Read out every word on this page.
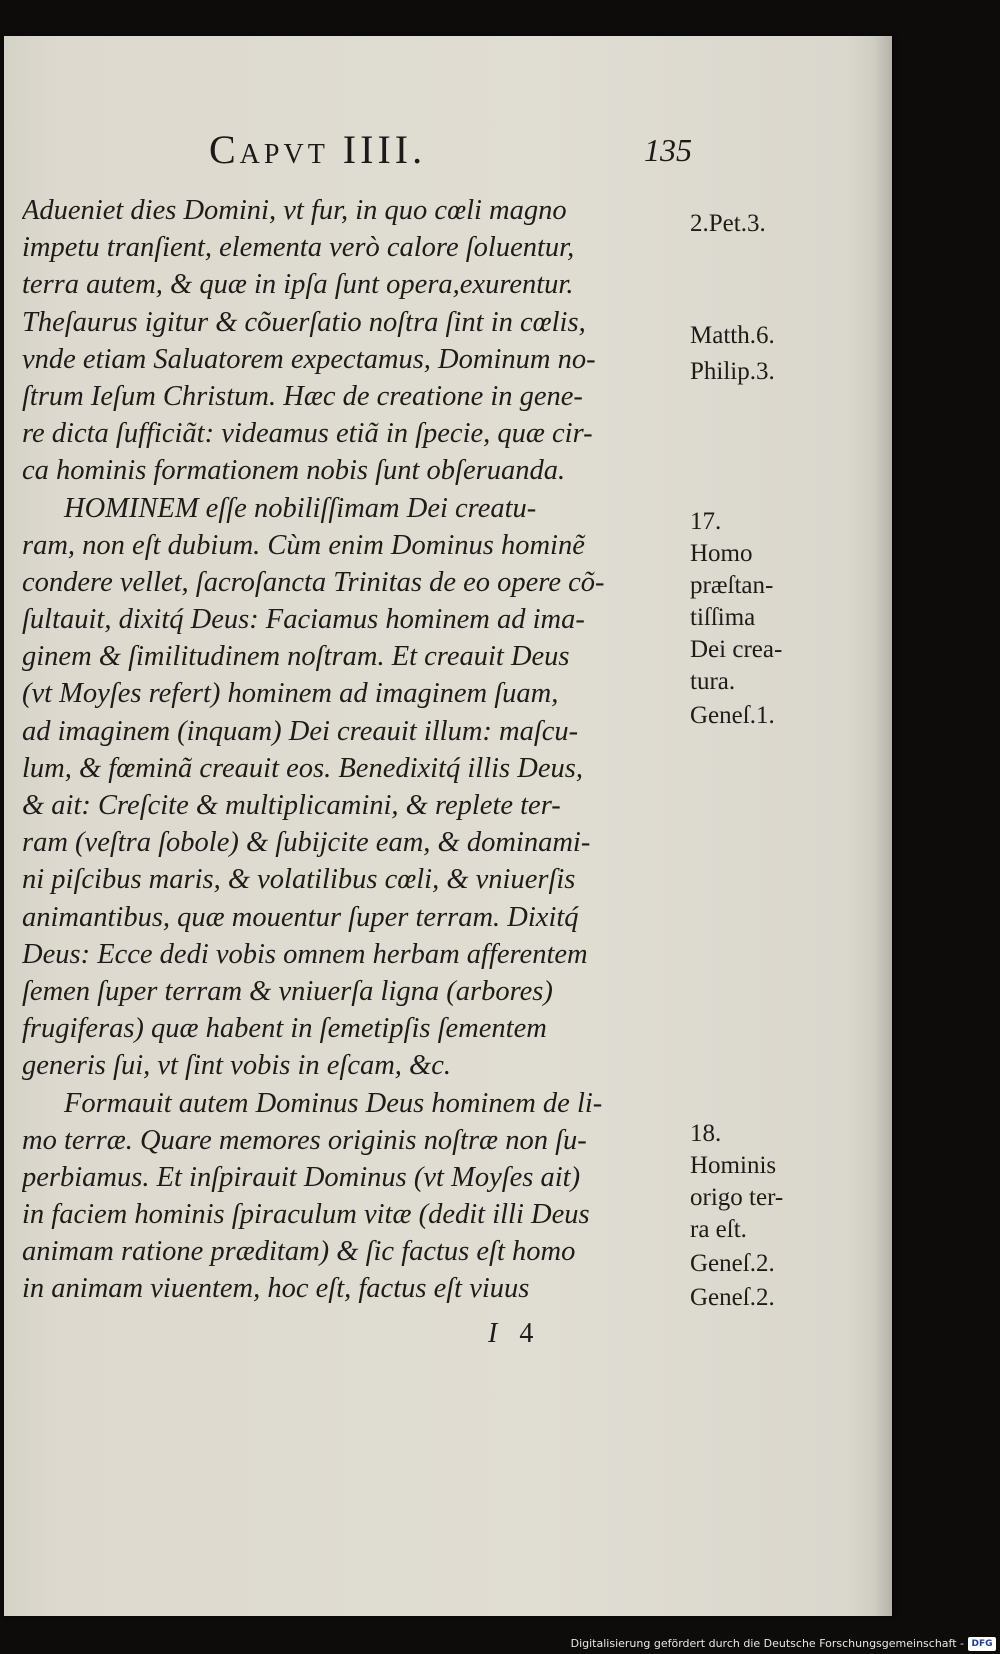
Capvt IIII.	135
Adueniet dies Domini, vt fur, in quo cœli magno
impetu tranſient, elementa verò calore ſoluentur,
terra autem, & quæ in ipſa ſunt opera,exurentur.
Theſaurus igitur & cõuerſatio noſtra ſint in cœlis,
vnde etiam Saluatorem expectamus, Dominum no-
ſtrum Ieſum Christum. Hæc de creatione in gene-
re dicta ſufficiãt: videamus etiã in ſpecie, quæ cir-
ca hominis formationem nobis ſunt obſeruanda.
HOMINEM eſſe nobiliſſimam Dei creatu-
ram, non eſt dubium. Cùm enim Dominus hominẽ
condere vellet, ſacroſancta Trinitas de eo opere cõ-
ſultauit, dixitq́ Deus: Faciamus hominem ad ima-
ginem & ſimilitudinem noſtram. Et creauit Deus
(vt Moyſes refert) hominem ad imaginem ſuam,
ad imaginem (inquam) Dei creauit illum: maſcu-
lum, & fœminã creauit eos. Benedixitq́ illis Deus,
& ait: Creſcite & multiplicamini, & replete ter-
ram (veſtra ſobole) & ſubijcite eam, & dominami-
ni piſcibus maris, & volatilibus cœli, & vniuerſis
animantibus, quæ mouentur ſuper terram. Dixitq́
Deus: Ecce dedi vobis omnem herbam afferentem
ſemen ſuper terram & vniuerſa ligna (arbores)
frugiferas) quæ habent in ſemetipſis ſementem
generis ſui, vt ſint vobis in eſcam, &c.
Formauit autem Dominus Deus hominem de li-
mo terræ. Quare memores originis noſtræ non ſu-
perbiamus. Et inſpirauit Dominus (vt Moyſes ait)
in faciem hominis ſpiraculum vitæ (dedit illi Deus
animam ratione præditam) & ſic factus eſt homo
in animam viuentem, hoc eſt, factus eſt viuus
2.Pet.3.
Matth.6.
Philip.3.
17.
Homo
præſtan-
tiſſima
Dei crea-
tura.
Geneſ.1.
18.
Hominis
origo ter-
ra eſt.
Geneſ.2.
Geneſ.2.
I 4
Digitalisierung gefördert durch die Deutsche Forschungsgemeinschaft - DFG
